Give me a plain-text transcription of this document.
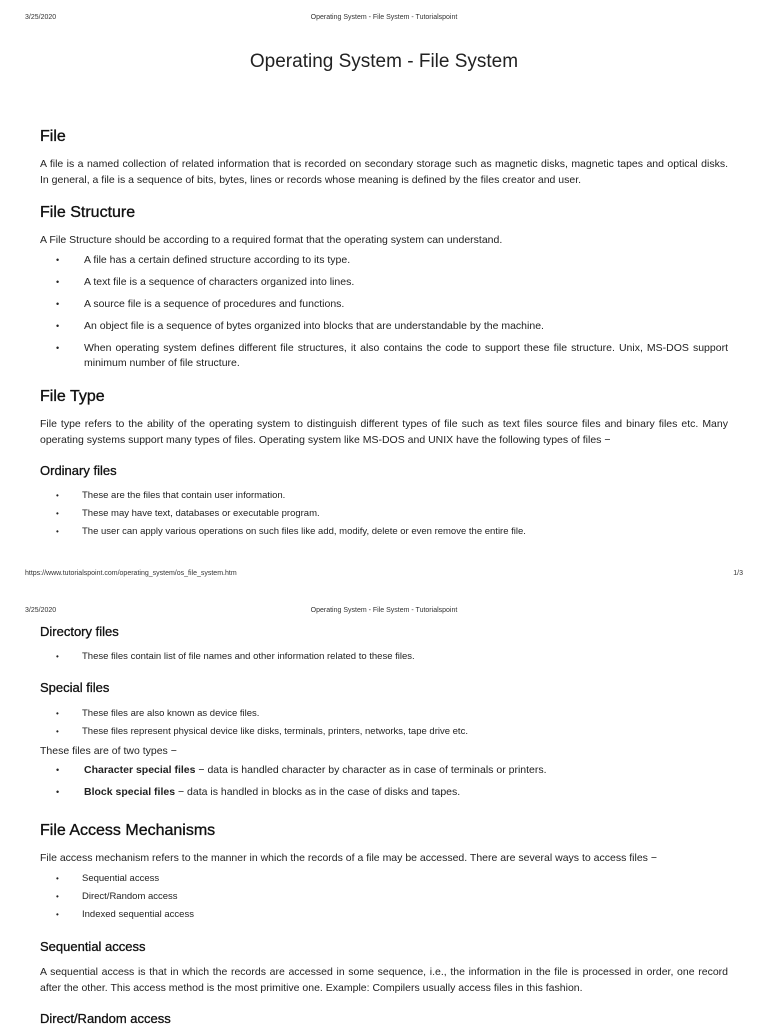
3/25/2020	Operating System - File System - Tutorialspoint
Operating System - File System
File

A file is a named collection of related information that is recorded on secondary storage such as magnetic disks, magnetic tapes and optical disks. In general, a file is a sequence of bits, bytes, lines or records whose meaning is defined by the files creator and user.

File Structure

A File Structure should be according to a required format that the operating system can understand.

• A file has a certain defined structure according to its type.
• A text file is a sequence of characters organized into lines.
• A source file is a sequence of procedures and functions.
• An object file is a sequence of bytes organized into blocks that are understandable by the machine.
• When operating system defines different file structures, it also contains the code to support these file structure. Unix, MS-DOS support minimum number of file structure.
File Type

File type refers to the ability of the operating system to distinguish different types of file such as text files source files and binary files etc. Many operating systems support many types of files. Operating system like MS-DOS and UNIX have the following types of files −

Ordinary files
• These are the files that contain user information.
• These may have text, databases or executable program.
• The user can apply various operations on such files like add, modify, delete or even remove the entire file.
https://www.tutorialspoint.com/operating_system/os_file_system.htm	1/3
3/25/2020	Operating System - File System - Tutorialspoint
Directory files
• These files contain list of file names and other information related to these files.
Special files
• These files are also known as device files.
• These files represent physical device like disks, terminals, printers, networks, tape drive etc.

These files are of two types −

• Character special files − data is handled character by character as in case of terminals or printers.
• Block special files − data is handled in blocks as in the case of disks and tapes.
File Access Mechanisms

File access mechanism refers to the manner in which the records of a file may be accessed. There are several ways to access files −

• Sequential access
• Direct/Random access
• Indexed sequential access
Sequential access

A sequential access is that in which the records are accessed in some sequence, i.e., the information in the file is processed in order, one record after the other. This access method is the most primitive one. Example: Compilers usually access files in this fashion.

Direct/Random access
